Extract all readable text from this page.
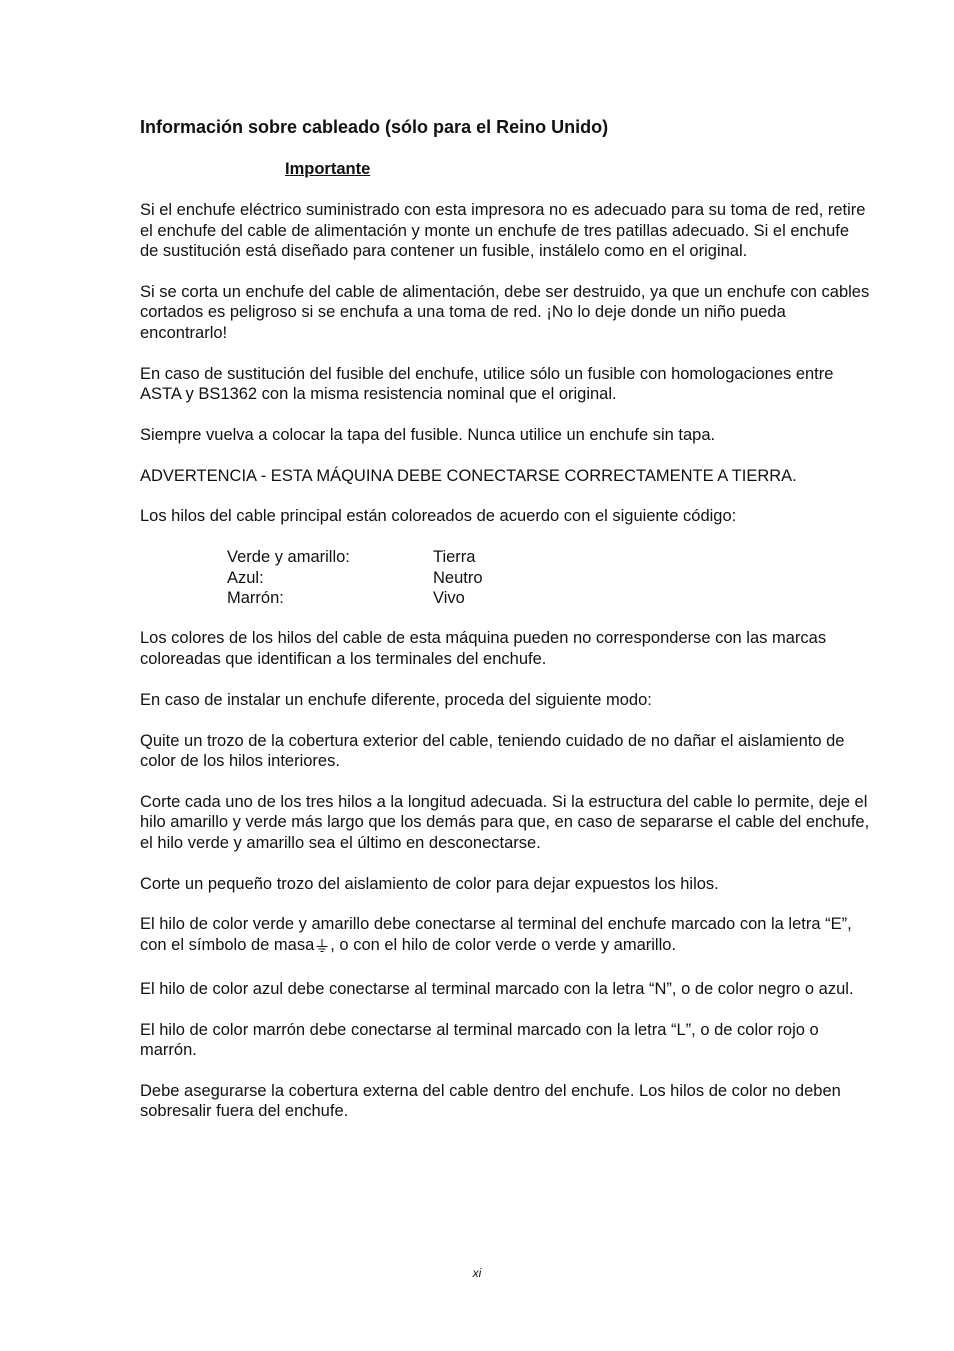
Información sobre cableado (sólo para el Reino Unido)
Importante

Si el enchufe eléctrico suministrado con esta impresora no es adecuado para su toma de red, retire el enchufe del cable de alimentación y monte un enchufe de tres patillas adecuado. Si el enchufe de sustitución está diseñado para contener un fusible, instálelo como en el original.

Si se corta un enchufe del cable de alimentación, debe ser destruido, ya que un enchufe con cables cortados es peligroso si se enchufa a una toma de red. ¡No lo deje donde un niño pueda encontrarlo!

En caso de sustitución del fusible del enchufe, utilice sólo un fusible con homologaciones entre ASTA y BS1362 con la misma resistencia nominal que el original.

Siempre vuelva a colocar la tapa del fusible. Nunca utilice un enchufe sin tapa.

ADVERTENCIA - ESTA MÁQUINA DEBE CONECTARSE CORRECTAMENTE A TIERRA.

Los hilos del cable principal están coloreados de acuerdo con el siguiente código:

Verde y amarillo:	Tierra
Azul:	Neutro
Marrón:	Vivo

Los colores de los hilos del cable de esta máquina pueden no corresponderse con las marcas coloreadas que identifican a los terminales del enchufe.

En caso de instalar un enchufe diferente, proceda del siguiente modo:

Quite un trozo de la cobertura exterior del cable, teniendo cuidado de no dañar el aislamiento de color de los hilos interiores.

Corte cada uno de los tres hilos a la longitud adecuada. Si la estructura del cable lo permite, deje el hilo amarillo y verde más largo que los demás para que, en caso de separarse el cable del enchufe, el hilo verde y amarillo sea el último en desconectarse.

Corte un pequeño trozo del aislamiento de color para dejar expuestos los hilos.

El hilo de color verde y amarillo debe conectarse al terminal del enchufe marcado con la letra “E”, con el símbolo de masa , o con el hilo de color verde o verde y amarillo.

El hilo de color azul debe conectarse al terminal marcado con la letra “N”, o de color negro o azul.

El hilo de color marrón debe conectarse al terminal marcado con la letra “L”, o de color rojo o marrón.

Debe asegurarse la cobertura externa del cable dentro del enchufe. Los hilos de color no deben sobresalir fuera del enchufe.

xi
